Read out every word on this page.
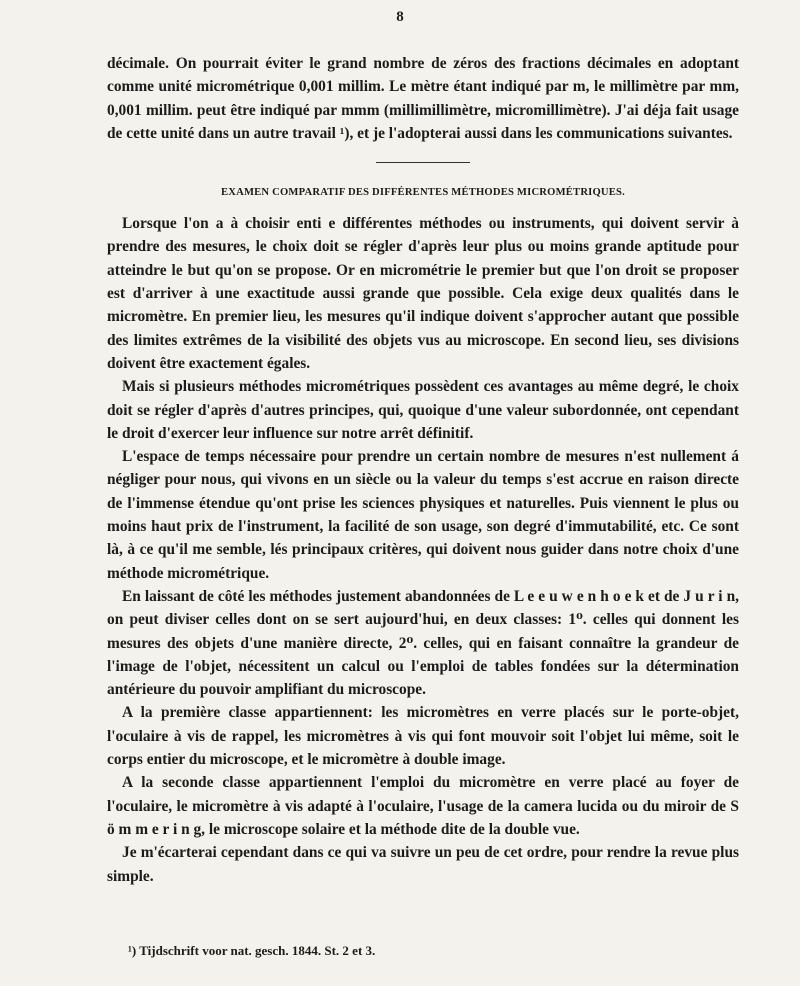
8

décimale. On pourrait éviter le grand nombre de zéros des fractions décimales en adoptant comme unité micrométrique 0,001 millim. Le mètre étant indiqué par m, le millimètre par mm, 0,001 millim. peut être indiqué par mmm (millimillimètre, micromillimètre). J'ai déja fait usage de cette unité dans un autre travail ¹), et je l'adopterai aussi dans les communications suivantes.

EXAMEN COMPARATIF DES DIFFÉRENTES MÉTHODES MICROMÉTRIQUES.

Lorsque l'on a à choisir enti e différentes méthodes ou instruments, qui doivent servir à prendre des mesures, le choix doit se régler d'après leur plus ou moins grande aptitude pour atteindre le but qu'on se propose. Or en micrométrie le premier but que l'on droit se proposer est d'arriver à une exactitude aussi grande que possible. Cela exige deux qualités dans le micromètre. En premier lieu, les mesures qu'il indique doivent s'approcher autant que possible des limites extrêmes de la visibilité des objets vus au microscope. En second lieu, ses divisions doivent être exactement égales.

Mais si plusieurs méthodes micrométriques possèdent ces avantages au même degré, le choix doit se régler d'après d'autres principes, qui, quoique d'une valeur subordonnée, ont cependant le droit d'exercer leur influence sur notre arrêt définitif.

L'espace de temps nécessaire pour prendre un certain nombre de mesures n'est nullement á négliger pour nous, qui vivons en un siècle ou la valeur du temps s'est accrue en raison directe de l'immense étendue qu'ont prise les sciences physiques et naturelles. Puis viennent le plus ou moins haut prix de l'instrument, la facilité de son usage, son degré d'immutabilité, etc. Ce sont là, à ce qu'il me semble, lés principaux critères, qui doivent nous guider dans notre choix d'une méthode micrométrique.

En laissant de côté les méthodes justement abandonnées de L e e u w e n h o e k et de J u r i n, on peut diviser celles dont on se sert aujourd'hui, en deux classes: 1⁰. celles qui donnent les mesures des objets d'une manière directe, 2⁰. celles, qui en faisant connaître la grandeur de l'image de l'objet, nécessitent un calcul ou l'emploi de tables fondées sur la détermination antérieure du pouvoir amplifiant du microscope.

A la première classe appartiennent: les micromètres en verre placés sur le porte-objet, l'oculaire à vis de rappel, les micromètres à vis qui font mouvoir soit l'objet lui même, soit le corps entier du microscope, et le micromètre à double image.

A la seconde classe appartiennent l'emploi du micromètre en verre placé au foyer de l'oculaire, le micromètre à vis adapté à l'oculaire, l'usage de la camera lucida ou du miroir de S ö m m e r i n g, le microscope solaire et la méthode dite de la double vue.

Je m'écarterai cependant dans ce qui va suivre un peu de cet ordre, pour rendre la revue plus simple.

¹) Tijdschrift voor nat. gesch. 1844. St. 2 et 3.
